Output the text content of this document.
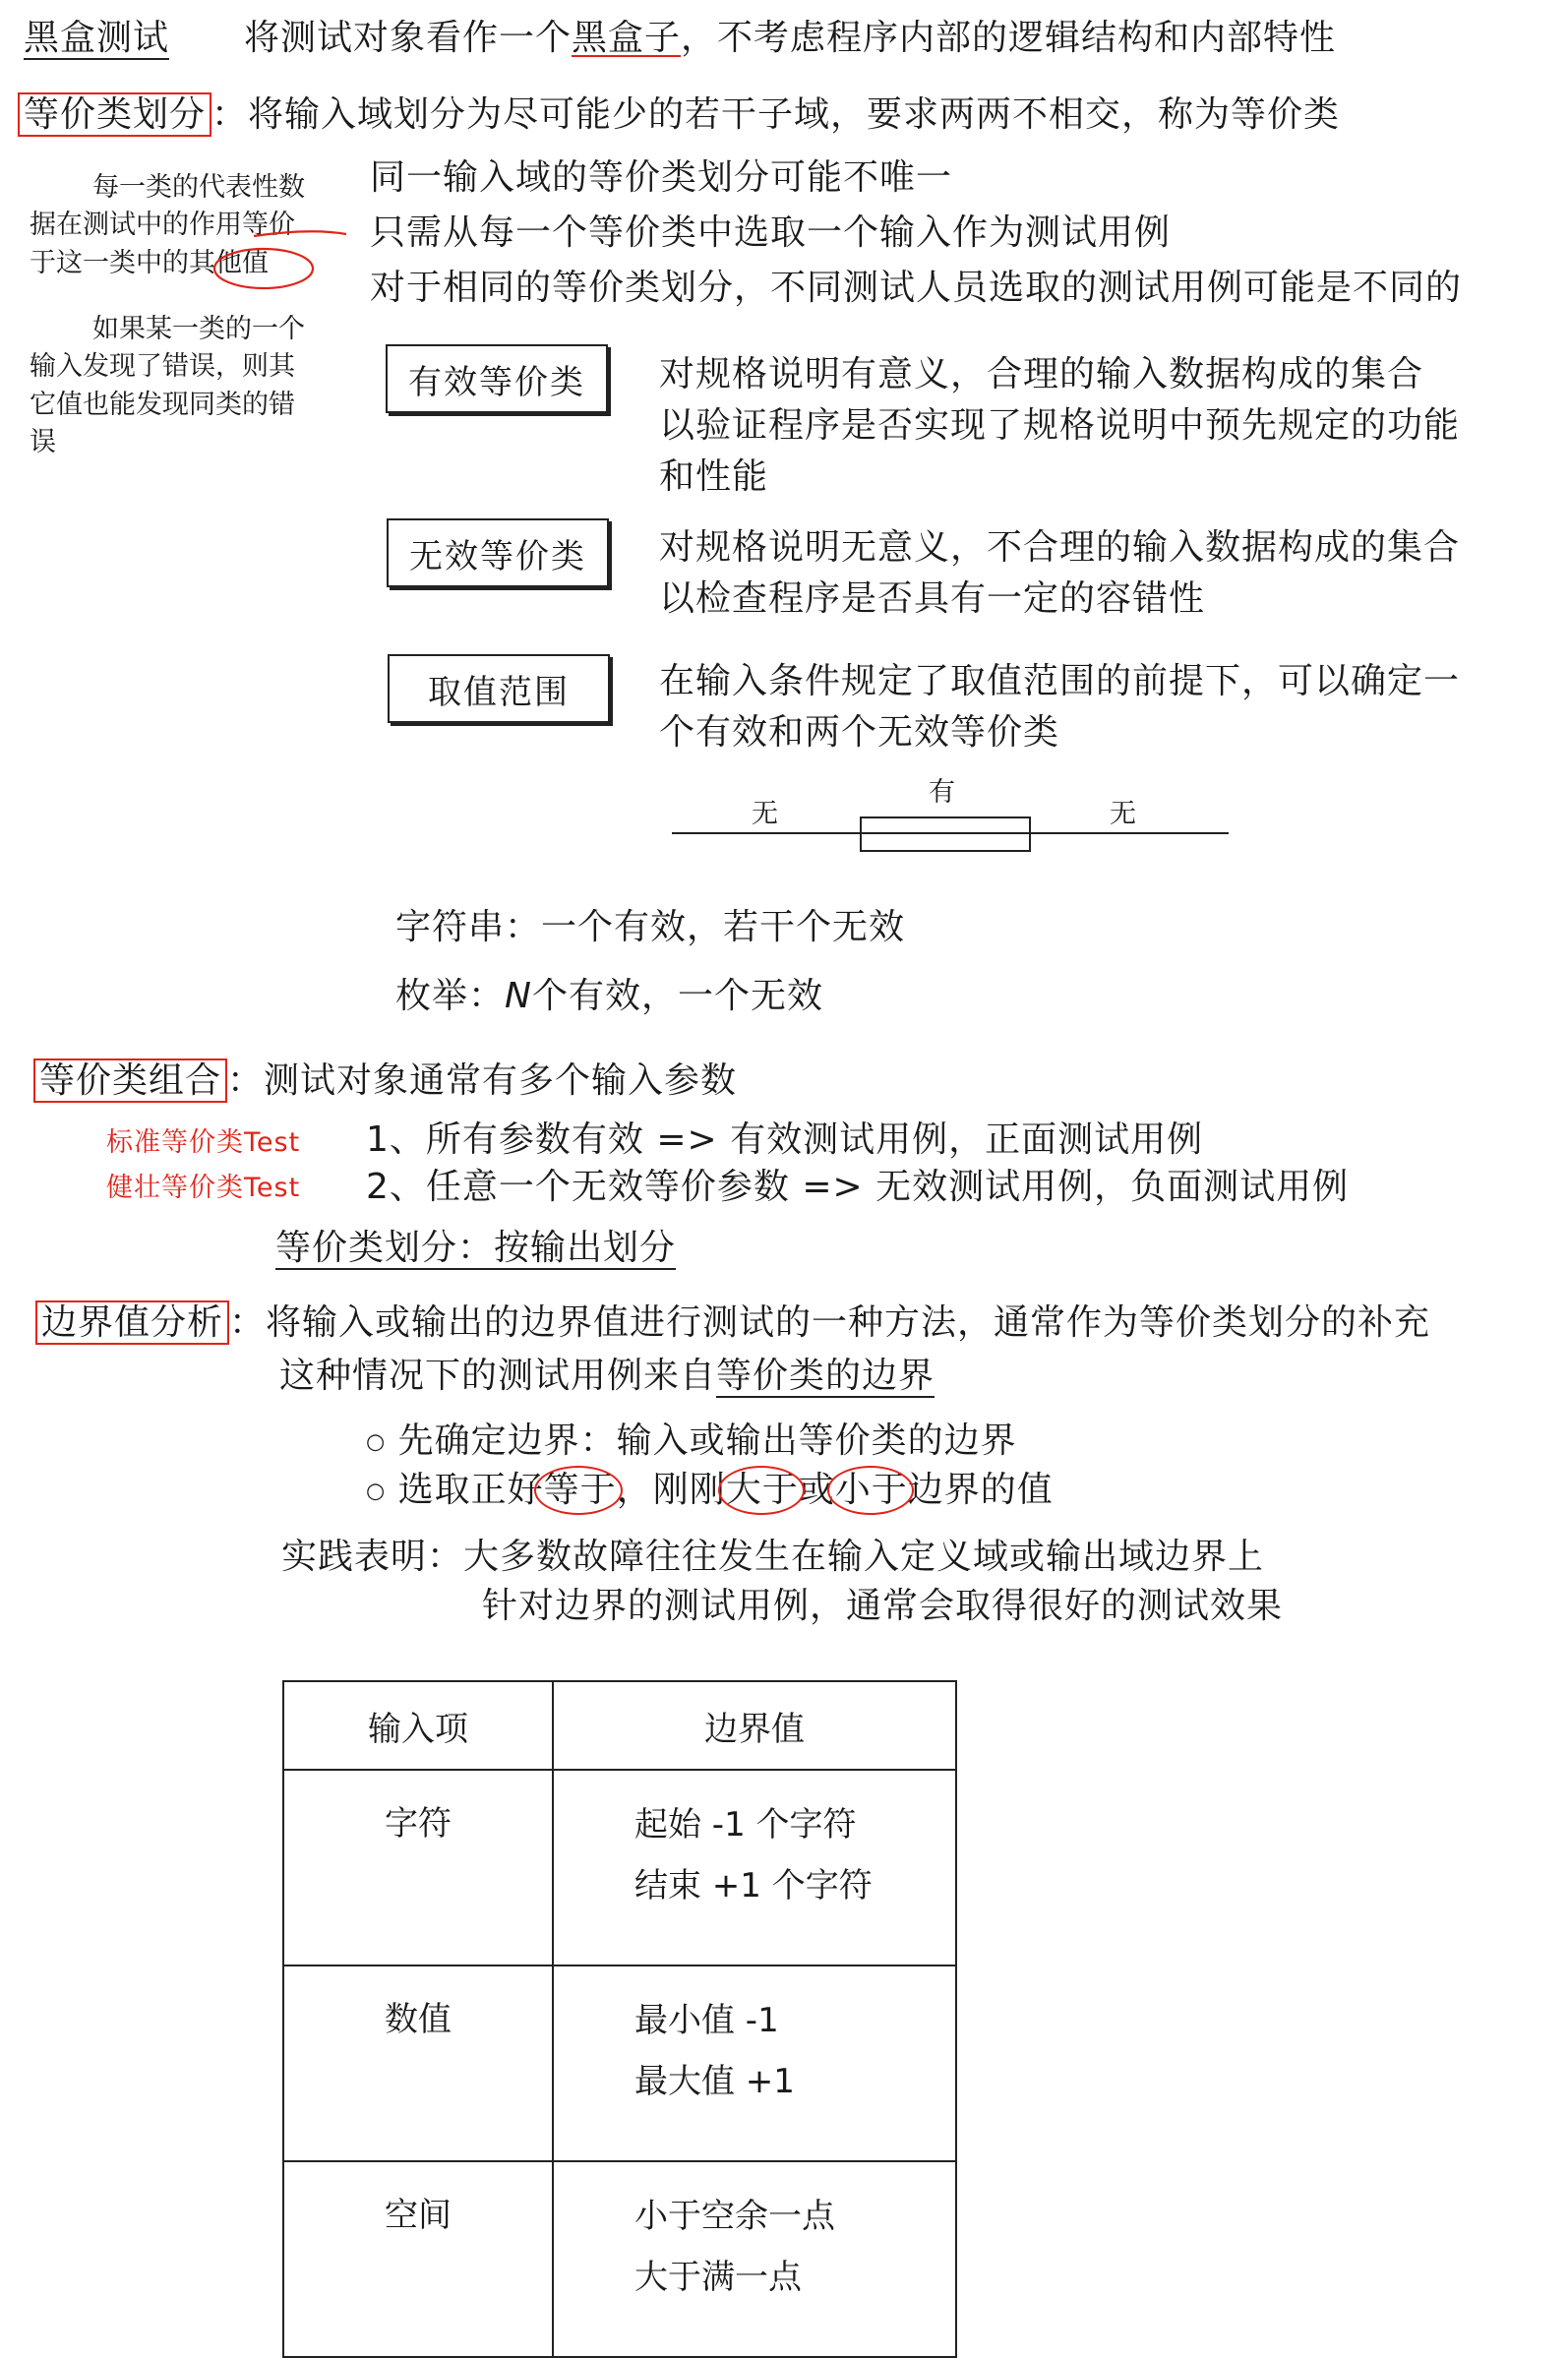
黑盒测试 将测试对象看作一个黑盒子，不考虑程序内部的逻辑结构和内部特性
等价类划分 ：将输入域划分为尽可能少的若干子域，要求两两不相交，称为等价类
每一类的代表性数
据在测试中的作用等价
于这一类中的其他值
如果某一类的一个
输入发现了错误，则其
它值也能发现同类的错
误
同一输入域的等价类划分可能不唯一
只需从每一个等价类中选取一个输入作为测试用例
对于相同的等价类划分，不同测试人员选取的测试用例可能是不同的
有效等价类 对规格说明有意义，合理的输入数据构成的集合
以验证程序是否实现了规格说明中预先规定的功能
和性能
无效等价类 对规格说明无意义，不合理的输入数据构成的集合
以检查程序是否具有一定的容错性
取值范围	在输入条件规定了取值范围的前提下，可以确定一
个有效和两个无效等价类
无
有
无
字符串：一个有效，若干个无效
枚举：N个有效，一个无效
等价类组合 ：测试对象通常有多个输入参数
标准等价类Test 1、所有参数有效 => 有效测试用例，正面测试用例
健壮等价类Test 2、任意一个无效等价参数 => 无效测试用例，负面测试用例
等价类划分：按输出划分
边界值分析 ：将输入或输出的边界值进行测试的一种方法，通常作为等价类划分的补充
这种情况下的测试用例来自等价类的边界
○ 先确定边界：输入或输出等价类的边界
○ 选取正好等于
，刚刚大于
或小于
边界的值
实践表明：大多数故障往往发生在输入定义域或输出域边界上
针对边界的测试用例，通常会取得很好的测试效果
输入项	边界值
字符	起始 -1 个字符
结束 +1 个字符

数值	最小值 -1
最大值 +1

空间	小于空余一点
大于满一点
